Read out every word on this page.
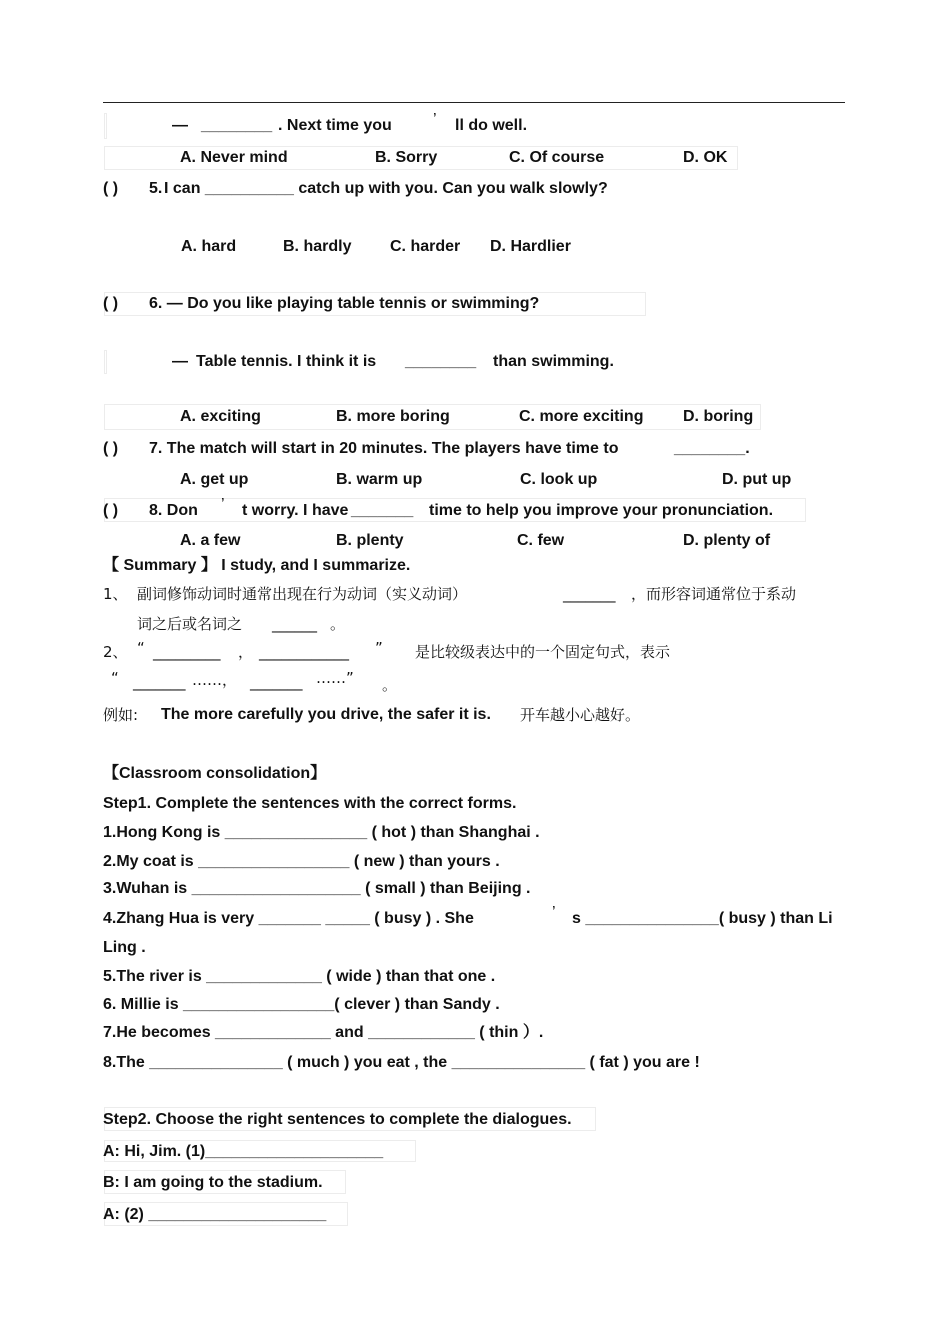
— ________ . Next time you	’ ll do well.
A. Never mind	B. Sorry	C. Of course	D. OK
( ) 5. I can __________ catch up with you. Can you walk slowly?
A. hard	B. hardly C. harder D. Hardlier
( ) 6. — Do you like playing table tennis or swimming?
— Table tennis. I think it is ________ than swimming.
A. exciting	B. more boring	C. more exciting D. boring
( ) 7. The match will start in 20 minutes. The players have time to	________.
A. get up	B. warm up	C. look up	D. put up
( ) 8. Don ’ t worry. I have _______ time to help you improve your pronunciation.
A. a few	B. plenty	C. few	D. plenty of
【 Summary 】 I study, and I summarize.
1、 副词修饰动词时通常出现在行为动词（实义动词）	_______ ，而形容词通常位于系动
词之后或名词之 ______ 。
2、 “ _________ ， ____________ ” 是比较级表达中的一个固定句式，表示
“ _______ ……， _______ ……” 。
例如: The more carefully you drive, the safer it is. 开车越小心越好。
【Classroom consolidation】
Step1. Complete the sentences with the correct forms.
1.Hong Kong is ________________ ( hot ) than Shanghai .
2.My coat is _________________ ( new ) than yours .
3.Wuhan is ___________________ ( small ) than Beijing .
4.Zhang Hua is very _______ _____ ( busy ) . She	’ s _______________( busy ) than Li
Ling .
5.The river is _____________ ( wide ) than that one .
6. Millie is _________________( clever ) than Sandy .
7.He becomes _____________ and ____________ ( thin ）.
8.The _______________ ( much ) you eat , the _______________ ( fat ) you are !
Step2. Choose the right sentences to complete the dialogues.
A: Hi, Jim. (1)____________________
B: I am going to the stadium.
A: (2) ____________________
